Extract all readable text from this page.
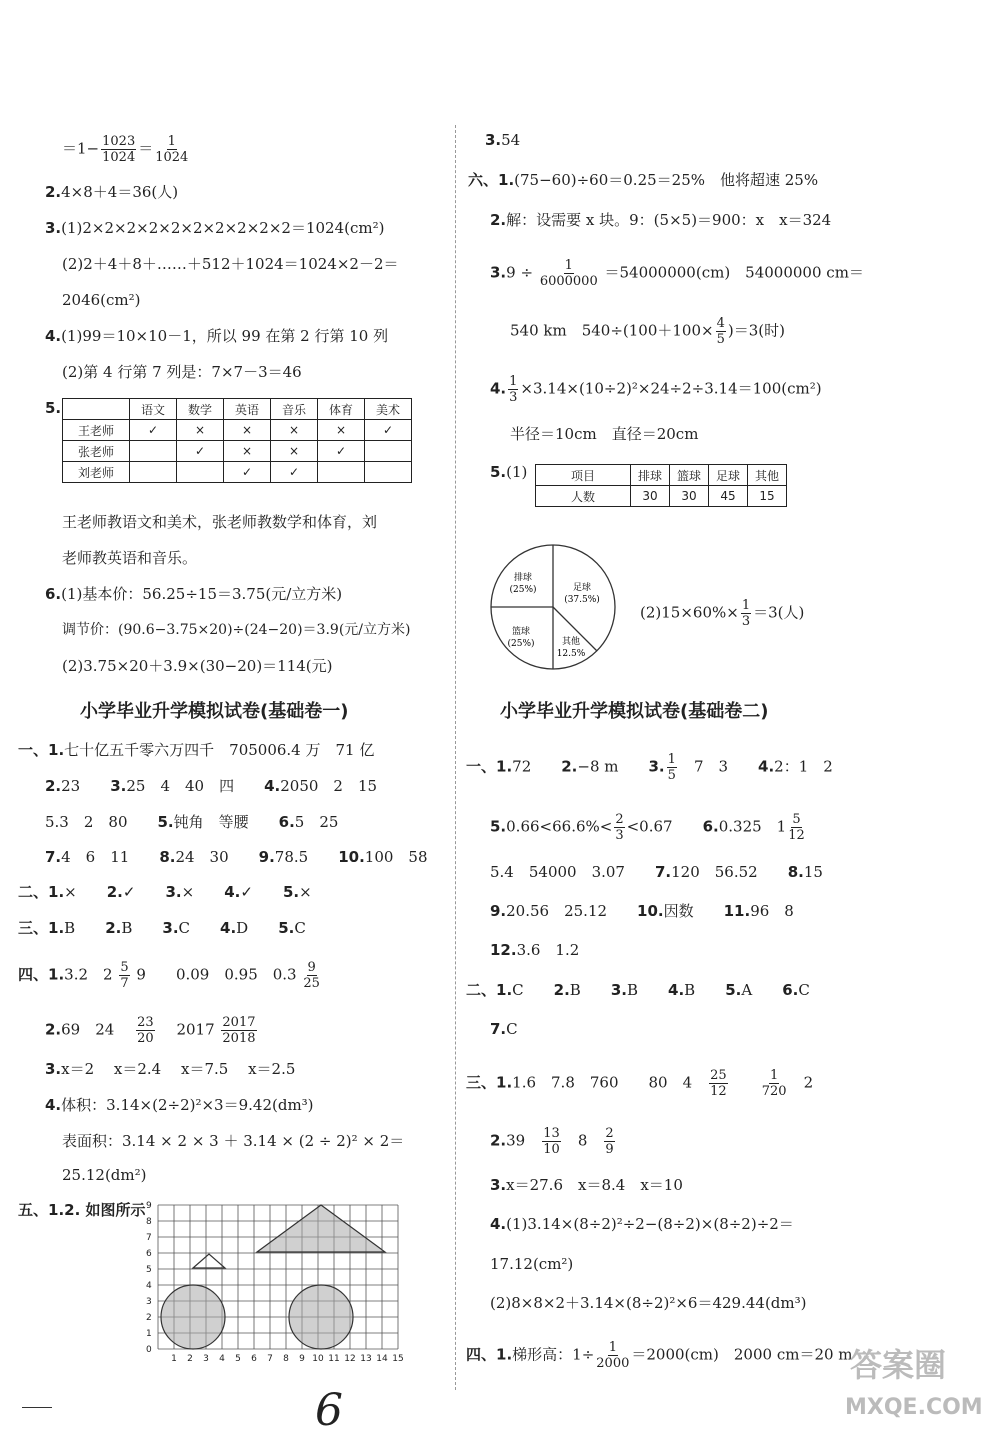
$=1- \frac{1023}{1024} = \frac{1}{1024}$
2.4×8＋4＝36(人)
3.(1)2×2×2×2×2×2×2×2×2×2＝1024(cm²)
(2)2＋4＋8＋……＋512＋1024＝1024×2－2＝
2046(cm²)
4.(1)99＝10×10－1，所以 99 在第 2 行第 10 列
(2)第 4 行第 7 列是：7×7－3＝46
5.
		语文	数学	英语	音乐	体育	美术
王老师	✓	×	×	×	×	✓
张老师		✓	×	×	✓	
刘老师			✓	✓		
王老师教语文和美术，张老师教数学和体育，刘
老师教英语和音乐。
6.(1)基本价：56.25÷15＝3.75(元/立方米)
调节价：(90.6−3.75×20)÷(24−20)＝3.9(元/立方米)
(2)3.75×20＋3.9×(30−20)＝114(元)
小学毕业升学模拟试卷(基础卷一)
一、1.七十亿五千零六万四千　705006.4 万　71 亿
2.23　　3.25　4　40　四　　4.2050　2　15
5.3　2　80　　5.钝角　等腰　　6.5　25
7.4　6　11　　8.24　30　　9.78.5　　10.100　58
二、1.×　　 2.✓　　 3.×　　 4.✓　　 5.×
三、1.B　　 2.B　　 3.C　　 4.D　　 5.C
四、1.3.2　$2 \frac{5}{7} 9$　　0.09　0.95　$0.3 \frac{9}{25}$
2.69　24　 $\frac{23}{20}$
　 $2017 \frac{2017}{2018}$
3.x＝2　 x＝2.4　 x＝7.5　 x＝2.5
4.体积：3.14×(2÷2)²×3＝9.42(dm³)
表面积：3.14 × 2 × 3 ＋ 3.14 × (2 ÷ 2)² × 2＝
25.12(dm²)
五、1.2. 如图所示 9
8
7
6
5
4
3
2
1
0
1 2 3 4 5 6 7 8 9 10 11 12 13 14 15
3.54
六、1.(75−60)÷60＝0.25＝25%　他将超速 25%
2.解：设需要 x 块。9：(5×5)＝900：x　x＝324
$3.9 \div \frac{1}{6000000} =54000000(cm)$　54000000 cm＝
540 km　$540\div(100+100\times \frac{4}{5} )=3$(时)
4. $\frac{1}{3} \times 3.14\times(10\div 2)^2\times 24\div 2\div 3.14=100(cm^2)$
半径＝10cm　直径＝20cm
5.(1)	项目	排球	篮球	足球	其他
人数	30	30	45	15
排球
(25%)	足球
(37.5%)
其他
12.5%
篮球
(25%)
$(2)15\times 60\%\times \frac{1}{3} =3$(人)
小学毕业升学模拟试卷(基础卷二)
一、1.72　　2.−8 m　　3. $\frac{1}{5}$
　 7　3　　4.2：1　2
$5.0.66<66.6\%< \frac{2}{3} <0.67$　　6.0.325　$1 \frac{5}{12}$
5.4　54000　3.07　　7.120　56.52　　8.15
9.20.56　25.12　　10.因数　　11.96　8
12.3.6　1.2
二、1.C　　 2.B　　 3.B　　 4.B　　 5.A　　 6.C
7.C
三、1.1.6　7.8　760　　80　4　 $\frac{25}{12}$
　　	$\frac{1}{720}$
　 2
2.39　 $\frac{13}{10}$
　 8　 $\frac{2}{9}$
3.x＝27.6　x＝8.4　x＝10
4.(1)3.14×(8÷2)²÷2−(8÷2)×(8÷2)÷2＝
17.12(cm²)
(2)8×8×2＋3.14×(8÷2)²×6＝429.44(dm³)
四、1.梯形高：$1\div \frac{1}{2000} =2000(cm)$　2000 cm＝20 m
6
答案圈
MXQE.COM
